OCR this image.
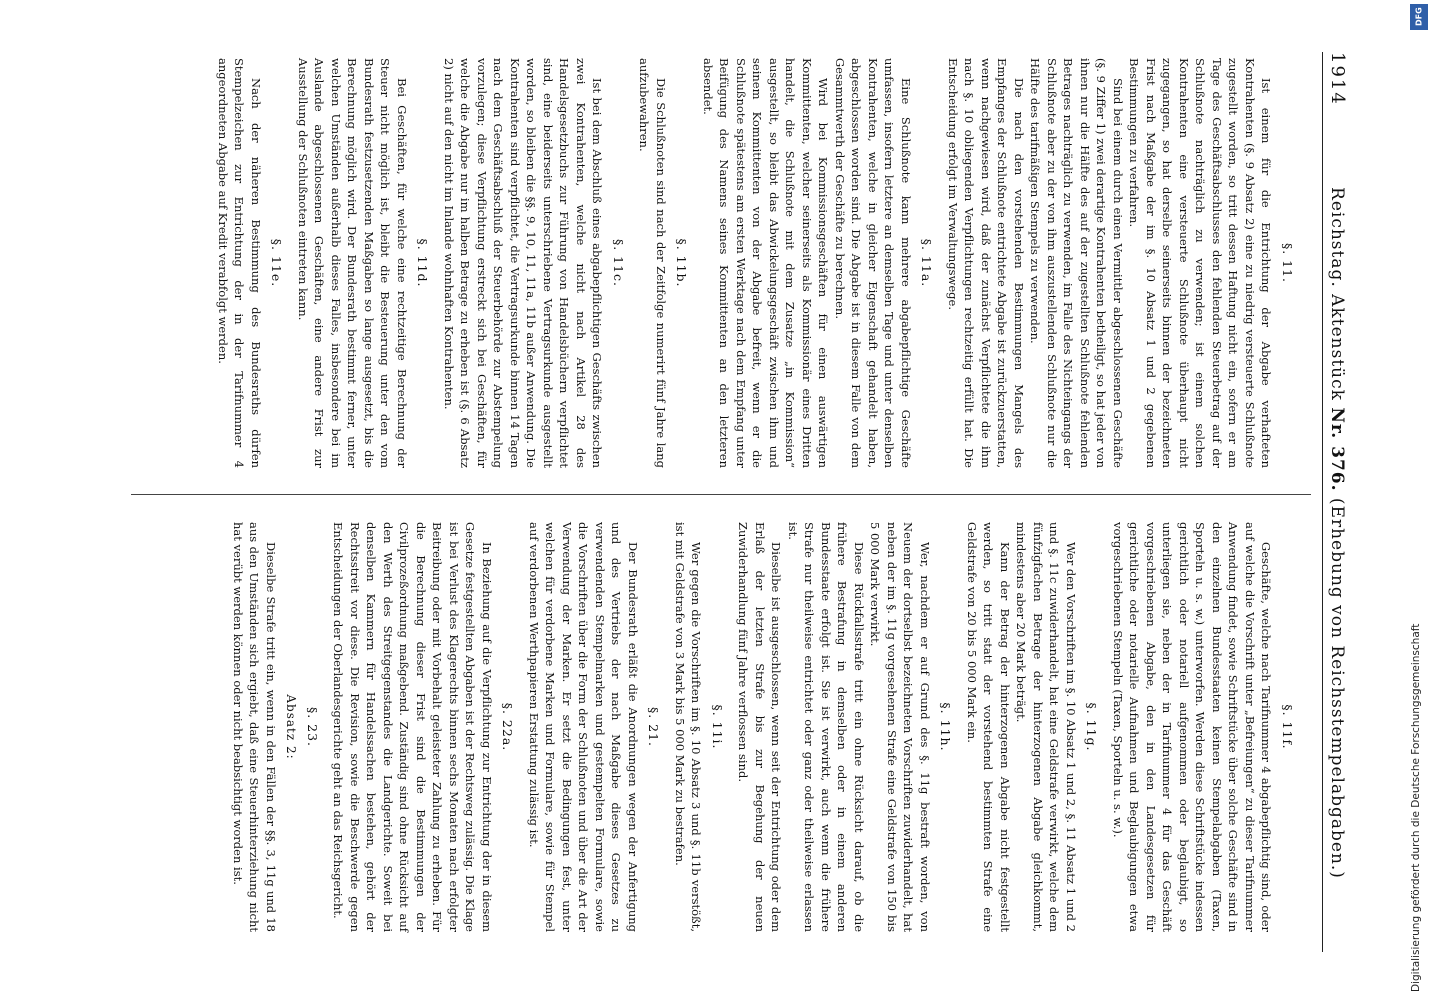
1914
Reichstag. Aktenstück Nr. 376. (Erhebung von Reichsstempelabgaben.)
§. 11.
Ist einem für die Entrichtung der Abgabe verhafteten Kontrahenten (§. 9 Absatz 2) eine zu niedrig versteuerte Schlußnote zugestellt worden, so tritt dessen Haftung nicht ein, sofern er am Tage des Geschäftsabschlusses den fehlenden Steuerbetrag auf der Schlußnote nachträglich zu verwenden; ist einem solchen Kontrahenten eine versteuerte Schlußnote überhaupt nicht zugegangen, so hat derselbe seinerseits binnen der bezeichneten Frist nach Maßgabe der im §. 10 Absatz 1 und 2 gegebenen Bestimmungen zu verfahren.
Sind bei einem durch einen Vermittler abgeschlossenen Geschäfte (§. 9 Ziffer 1) zwei derartige Kontrahenten betheiligt, so hat jeder von ihnen nur die Hälfte des auf der zugestellten Schlußnote fehlenden Betrages nachträglich zu verwenden, im Falle des Nichteingangs der Schlußnote aber zu der von ihm auszustellenden Schlußnote nur die Hälfte des tarifmäßigen Stempels zu verwenden.
Die nach den vorstehenden Bestimmungen Mangels des Empfanges der Schlußnote entrichtete Abgabe ist zurückzuerstatten, wenn nachgewiesen wird, daß der zunächst Verpflichtete die ihm nach §. 10 obliegenden Verpflichtungen rechtzeitig erfüllt hat. Die Entscheidung erfolgt im Verwaltungswege.
§. 11a.
Eine Schlußnote kann mehrere abgabepflichtige Geschäfte umfassen, insofern letztere an demselben Tage und unter denselben Kontrahenten, welche in gleicher Eigenschaft gehandelt haben, abgeschlossen worden sind. Die Abgabe ist in diesem Falle von dem Gesammtwerth der Geschäfte zu berechnen.
Wird bei Kommissionsgeschäften für einen auswärtigen Kommittenten, welcher seinerseits als Kommissionär eines Dritten handelt, die Schlußnote mit dem Zusatze „in Kommission“ ausgestellt, so bleibt das Abwickelungsgeschäft zwischen ihm und seinem Kommittenten von der Abgabe befreit, wenn er die Schlußnote spätestens am ersten Werktage nach dem Empfang unter Beifügung des Namens seines Kommittenten an den letzteren absendet.
§. 11b.
Die Schlußnoten sind nach der Zeitfolge numerirt fünf Jahre lang aufzubewahren.
§. 11c.
Ist bei dem Abschluß eines abgabepflichtigen Geschäfts zwischen zwei Kontrahenten, welche nicht nach Artikel 28 des Handelsgesetzbuchs zur Führung von Handelsbüchern verpflichtet sind, eine beiderseits unterschriebene Vertragsurkunde ausgestellt worden, so bleiben die §§. 9, 10, 11, 11a, 11b außer Anwendung. Die Kontrahenten sind verpflichtet, die Vertragsurkunde binnen 14 Tagen nach dem Geschäftsabschluß der Steuerbehörde zur Abstempelung vorzulegen; diese Verpflichtung erstreckt sich bei Geschäften, für welche die Abgabe nur im halben Betrage zu erheben ist (§. 6 Absatz 2) nicht auf den nicht im Inlande wohnhaften Kontrahenten.
§. 11d.
Bei Geschäften, für welche eine rechtzeitige Berechnung der Steuer nicht möglich ist, bleibt die Besteuerung unter den vom Bundesrath festzusetzenden Maßgaben so lange ausgesetzt, bis die Berechnung möglich wird. Der Bundesrath bestimmt ferner, unter welchen Umständen außerhalb dieses Falles, insbesondere bei im Auslande abgeschlossenen Geschäften, eine andere Frist zur Ausstellung der Schlußnoten eintreten kann.
§. 11e.
Nach der näheren Bestimmung des Bundesraths dürfen Stempelzeichen zur Entrichtung der in der Tarifnummer 4 angeordneten Abgabe auf Kredit verabfolgt werden.
§. 11f.
Geschäfte, welche nach Tarifnummer 4 abgabepflichtig sind, oder auf welche die Vorschrift unter „Befreiungen“ zu dieser Tarifnummer Anwendung findet, sowie Schriftstücke über solche Geschäfte sind in den einzelnen Bundesstaaten keinen Stempelabgaben (Taxen, Sporteln u. s. w.) unterworfen. Werden diese Schriftstücke indessen gerichtlich oder notariell aufgenommen oder beglaubigt, so unterliegen sie, neben der in Tarifnummer 4 für das Geschäft vorgeschriebenen Abgabe, den in den Landesgesetzen für gerichtliche oder notarielle Aufnahmen und Beglaubigungen etwa vorgeschriebenen Stempeln (Taxen, Sporteln u. s. w.).
§. 11g.
Wer den Vorschriften im §. 10 Absatz 1 und 2, §. 11 Absatz 1 und 2 und §. 11c zuwiderhandelt, hat eine Geldstrafe verwirkt, welche dem fünfzigfachen Betrage der hinterzogenen Abgabe gleichkommt, mindestens aber 20 Mark beträgt.
Kann der Betrag der hinterzogenen Abgabe nicht festgestellt werden, so tritt statt der vorstehend bestimmten Strafe eine Geldstrafe von 20 bis 5 000 Mark ein.
§. 11h.
Wer, nachdem er auf Grund des §. 11g bestraft worden, von Neuem der dortselbst bezeichneten Vorschriften zuwiderhandelt, hat neben der im §. 11g vorgesehenen Strafe eine Geldstrafe von 150 bis 5 000 Mark verwirkt.
Diese Rückfallsstrafe tritt ein ohne Rücksicht darauf, ob die frühere Bestrafung in demselben oder in einem anderen Bundesstaate erfolgt ist. Sie ist verwirkt, auch wenn die frühere Strafe nur theilweise entrichtet oder ganz oder theilweise erlassen ist.
Dieselbe ist ausgeschlossen, wenn seit der Entrichtung oder dem Erlaß der letzten Strafe bis zur Begehung der neuen Zuwiderhandlung fünf Jahre verflossen sind.
§. 11i.
Wer gegen die Vorschriften im §. 10 Absatz 3 und §. 11b verstößt, ist mit Geldstrafe von 3 Mark bis 5 000 Mark zu bestrafen.
§. 21.
Der Bundesrath erläßt die Anordnungen wegen der Anfertigung und des Vertriebs der nach Maßgabe dieses Gesetzes zu verwendenden Stempelmarken und gestempelten Formulare, sowie die Vorschriften über die Form der Schlußnoten und über die Art der Verwendung der Marken. Er setzt die Bedingungen fest, unter welchen für verdorbene Marken und Formulare, sowie für Stempel auf verdorbenen Werthpapieren Erstattung zulässig ist.
§. 22a.
In Beziehung auf die Verpflichtung zur Entrichtung der in diesem Gesetze festgestellten Abgaben ist der Rechtsweg zulässig. Die Klage ist bei Verlust des Klagerechts binnen sechs Monaten nach erfolgter Beitreibung oder mit Vorbehalt geleisteter Zahlung zu erheben. Für die Berechnung dieser Frist sind die Bestimmungen der Civilprozeßordnung maßgebend. Zuständig sind ohne Rücksicht auf den Werth des Streitgegenstandes die Landgerichte. Soweit bei denselben Kammern für Handelssachen bestehen, gehört der Rechtsstreit vor diese. Die Revision, sowie die Beschwerde gegen Entscheidungen der Oberlandesgerichte geht an das Reichsgericht.
§. 23.
Absatz 2:
Dieselbe Strafe tritt ein, wenn in den Fällen der §§. 3, 11g und 18 aus den Umständen sich ergiebt, daß eine Steuerhinterziehung nicht hat verübt werden können oder nicht beabsichtigt worden ist.	Digitalisierung gefördert durch die Deutsche Forschungsgemeinschaft
DFG
